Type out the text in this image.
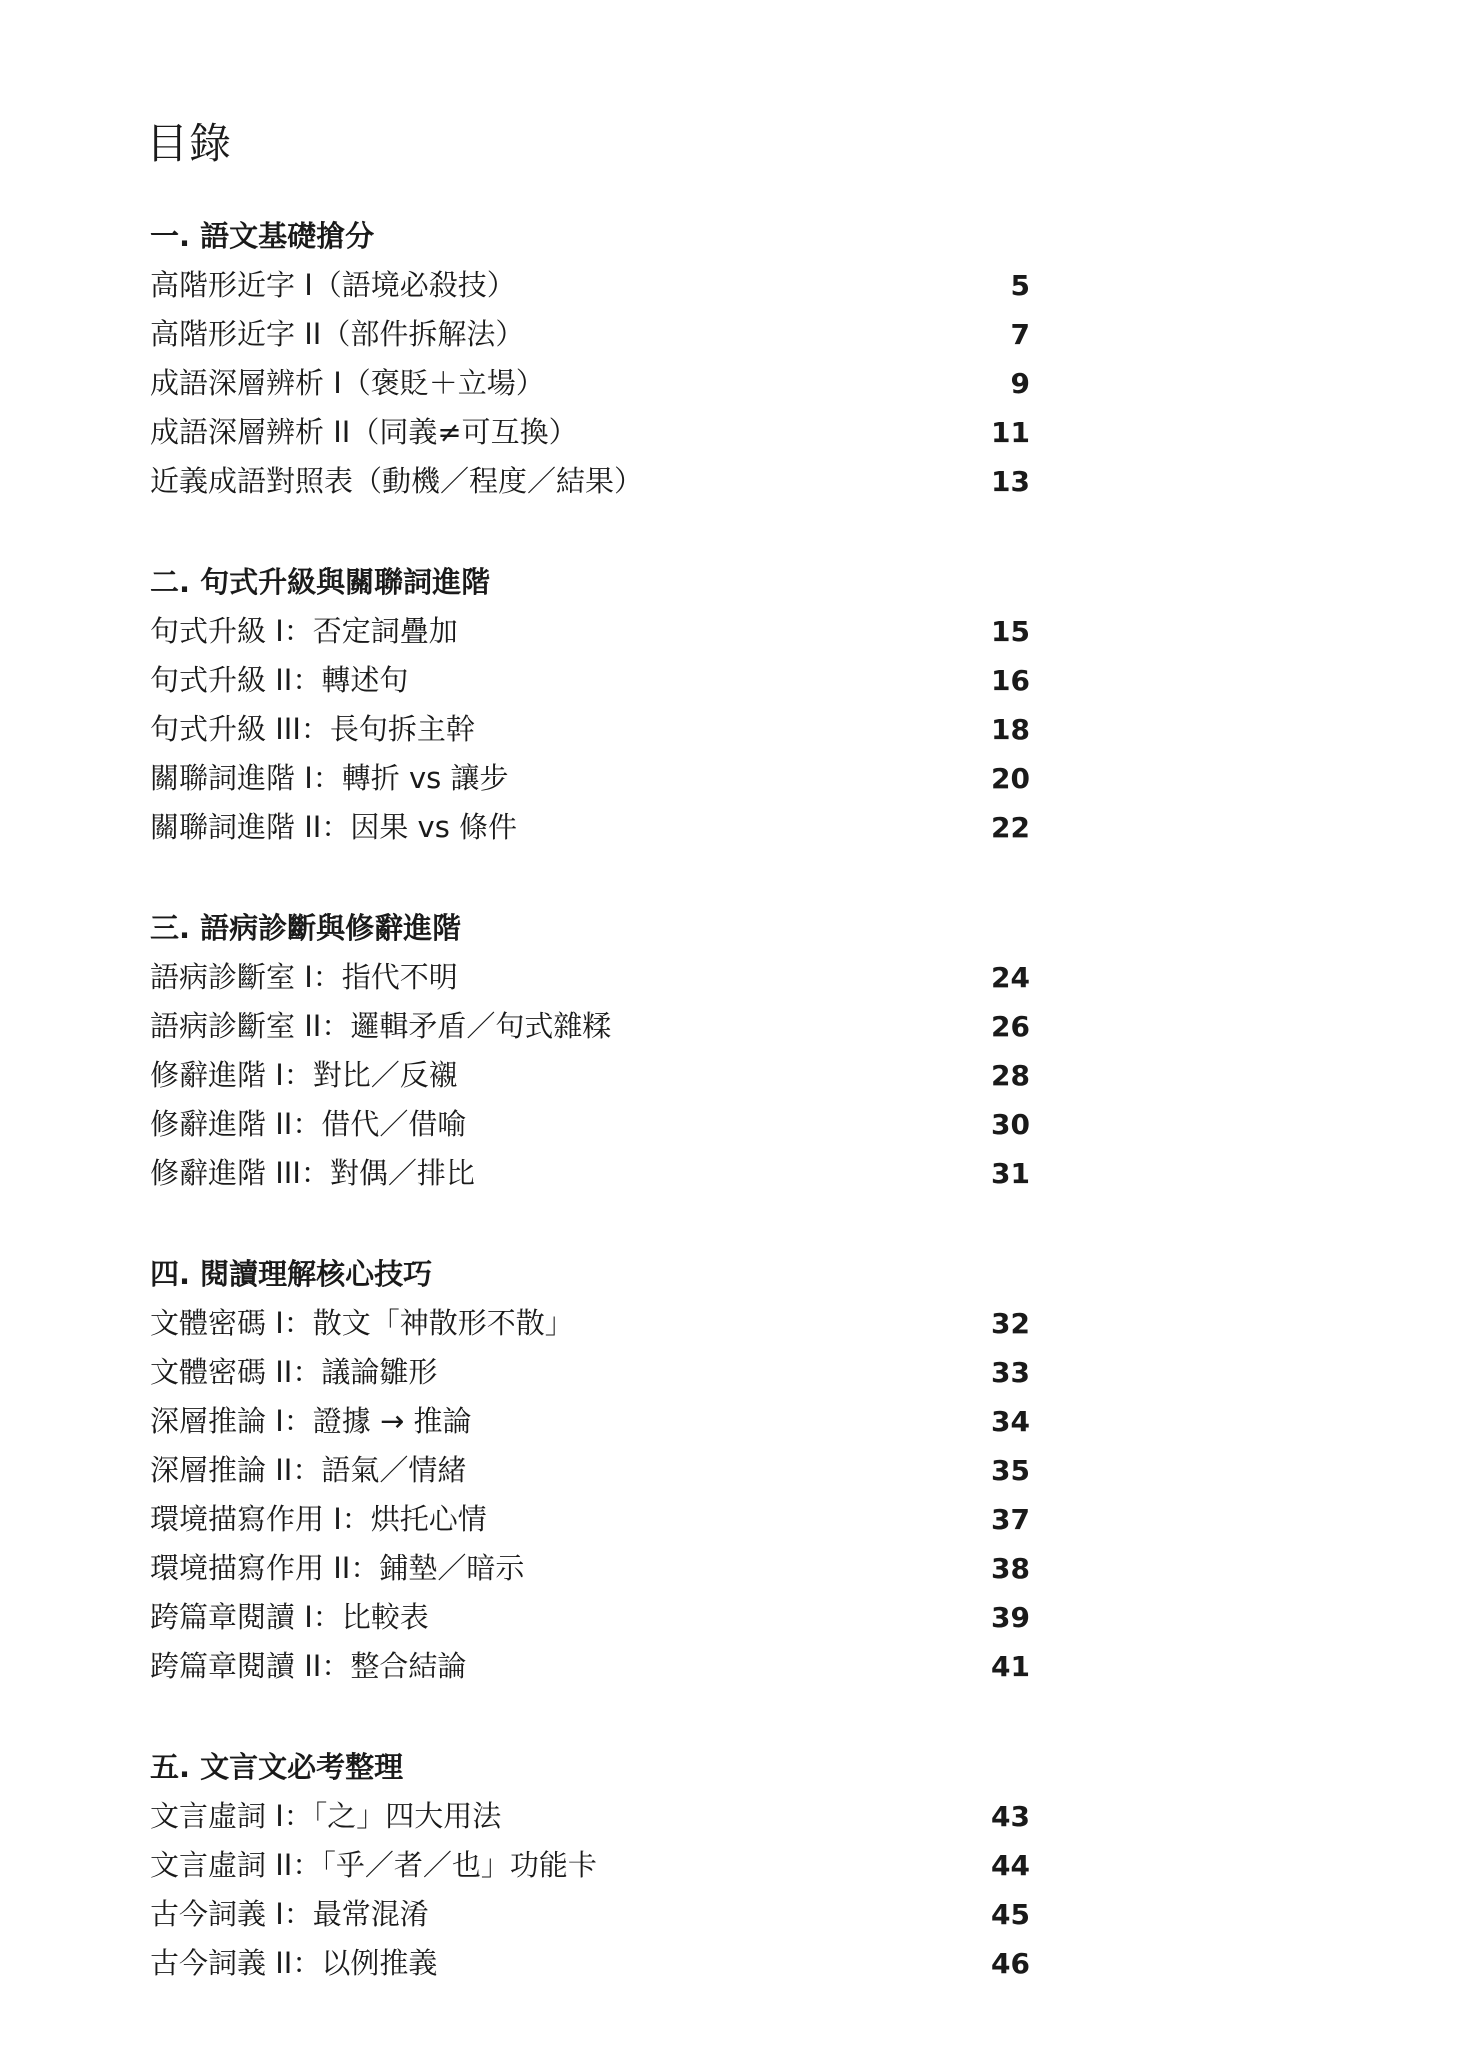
目錄
一. 語文基礎搶分
高階形近字 I（語境必殺技）	5
高階形近字 II（部件拆解法）	7
成語深層辨析 I（褒貶＋立場）	9
成語深層辨析 II（同義≠可互換）	11
近義成語對照表（動機／程度／結果）	13
二. 句式升級與關聯詞進階
句式升級 I：否定詞疊加	15
句式升級 II：轉述句	16
句式升級 III：長句拆主幹	18
關聯詞進階 I：轉折 vs 讓步	20
關聯詞進階 II：因果 vs 條件	22
三. 語病診斷與修辭進階
語病診斷室 I：指代不明	24
語病診斷室 II：邏輯矛盾／句式雜糅	26
修辭進階 I：對比／反襯	28
修辭進階 II：借代／借喻	30
修辭進階 III：對偶／排比	31
四. 閱讀理解核心技巧
文體密碼 I：散文「神散形不散」	32
文體密碼 II：議論雛形	33
深層推論 I：證據 → 推論	34
深層推論 II：語氣／情緒	35
環境描寫作用 I：烘托心情	37
環境描寫作用 II：鋪墊／暗示	38
跨篇章閱讀 I：比較表	39
跨篇章閱讀 II：整合結論	41
五. 文言文必考整理
文言虛詞 I：「之」四大用法	43
文言虛詞 II：「乎／者／也」功能卡	44
古今詞義 I：最常混淆	45
古今詞義 II：以例推義	46
